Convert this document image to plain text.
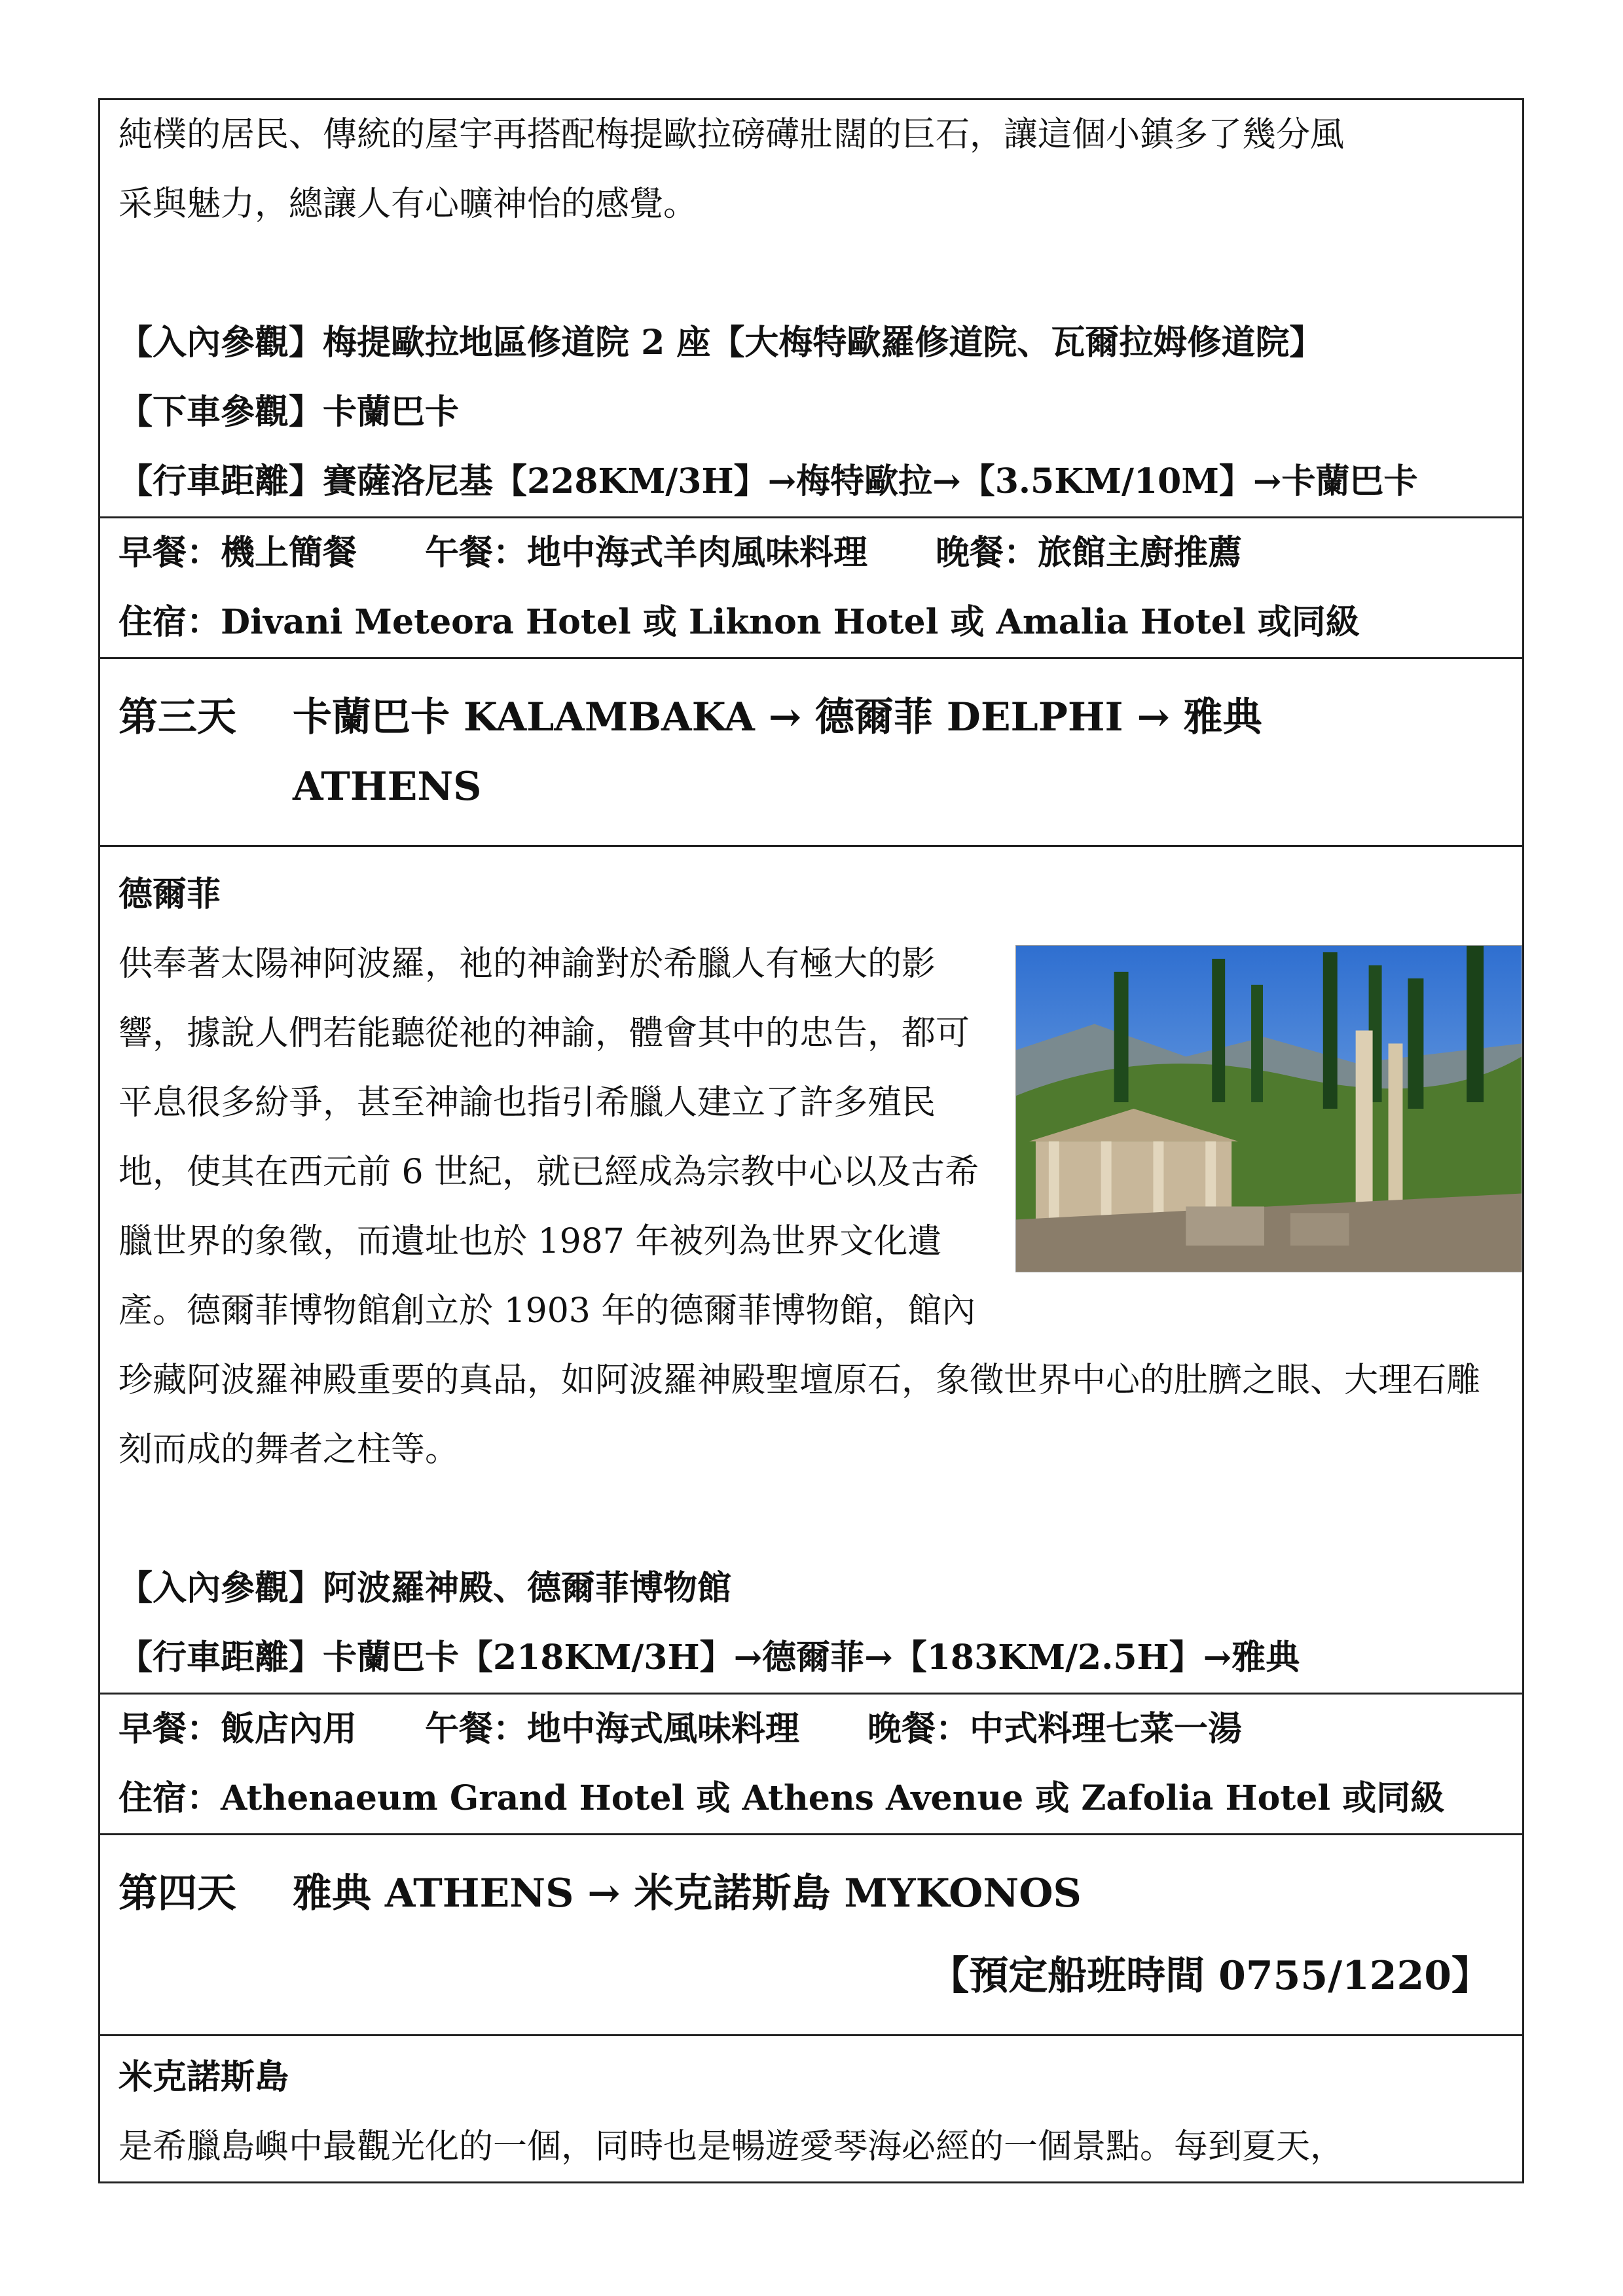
純樸的居民、傳統的屋宇再搭配梅提歐拉磅礡壯闊的巨石，讓這個小鎮多了幾分風
采與魅力，總讓人有心曠神怡的感覺。
【入內參觀】梅提歐拉地區修道院 2 座【大梅特歐羅修道院、瓦爾拉姆修道院】
【下車參觀】卡蘭巴卡
【行車距離】賽薩洛尼基【228KM/3H】→梅特歐拉→【3.5KM/10M】→卡蘭巴卡
早餐：機上簡餐　　午餐：地中海式羊肉風味料理　　晚餐：旅館主廚推薦
住宿：Divani Meteora Hotel 或 Liknon Hotel 或 Amalia Hotel 或同級
第三天	卡蘭巴卡 KALAMBAKA → 德爾菲 DELPHI → 雅典
ATHENS
德爾菲
供奉著太陽神阿波羅，祂的神諭對於希臘人有極大的影響，據說人們若能聽從祂的神諭，體會其中的忠告，都可平息很多紛爭，甚至神諭也指引希臘人建立了許多殖民地，使其在西元前 6 世紀，就已經成為宗教中心以及古希臘世界的象徵，而遺址也於 1987 年被列為世界文化遺產。德爾菲博物館創立於 1903 年的德爾菲博物館，館內珍藏阿波羅神殿重要的真品，如阿波羅神殿聖壇原石，象徵世界中心的肚臍之眼、大理石雕刻而成的舞者之柱等。
【入內參觀】阿波羅神殿、德爾菲博物館
【行車距離】卡蘭巴卡【218KM/3H】→德爾菲→【183KM/2.5H】→雅典
早餐：飯店內用　　午餐：地中海式風味料理　　晚餐：中式料理七菜一湯
住宿：Athenaeum Grand Hotel 或 Athens Avenue 或 Zafolia Hotel 或同級
第四天	雅典 ATHENS → 米克諾斯島 MYKONOS
【預定船班時間 0755/1220】
米克諾斯島
是希臘島嶼中最觀光化的一個，同時也是暢遊愛琴海必經的一個景點。每到夏天，
